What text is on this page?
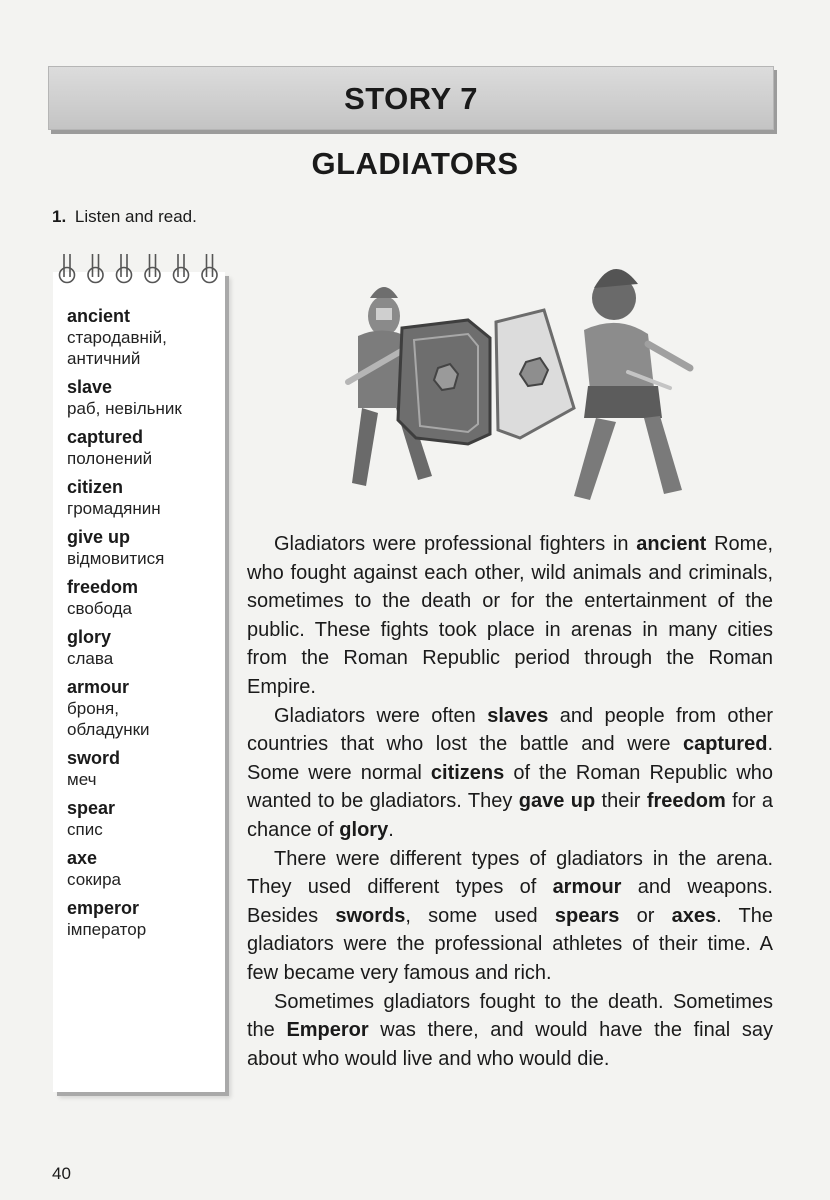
STORY 7
GLADIATORS
1. Listen and read.
ancient
стародавній,
античний
slave
раб, невільник
captured
полонений
citizen
громадянин
give up
відмовитися
freedom
свобода
glory
слава
armour
броня,
обладунки
sword
меч
spear
спис
axe
сокира
emperor
імператор

Gladiators were professional fighters in ancient Rome, who fought against each other, wild animals and criminals, sometimes to the death or for the entertainment of the public. These fights took place in arenas in many cities from the Roman Republic period through the Roman Empire.

Gladiators were often slaves and people from other countries that who lost the battle and were captured. Some were normal citizens of the Roman Republic who wanted to be gladiators. They gave up their freedom for a chance of glory.

There were different types of gladiators in the arena. They used different types of armour and weapons. Besides swords, some used spears or axes. The gladiators were the professional athletes of their time. A few became very famous and rich.

Sometimes gladiators fought to the death. Sometimes the Emperor was there, and would have the final say about who would live and who would die.

40
